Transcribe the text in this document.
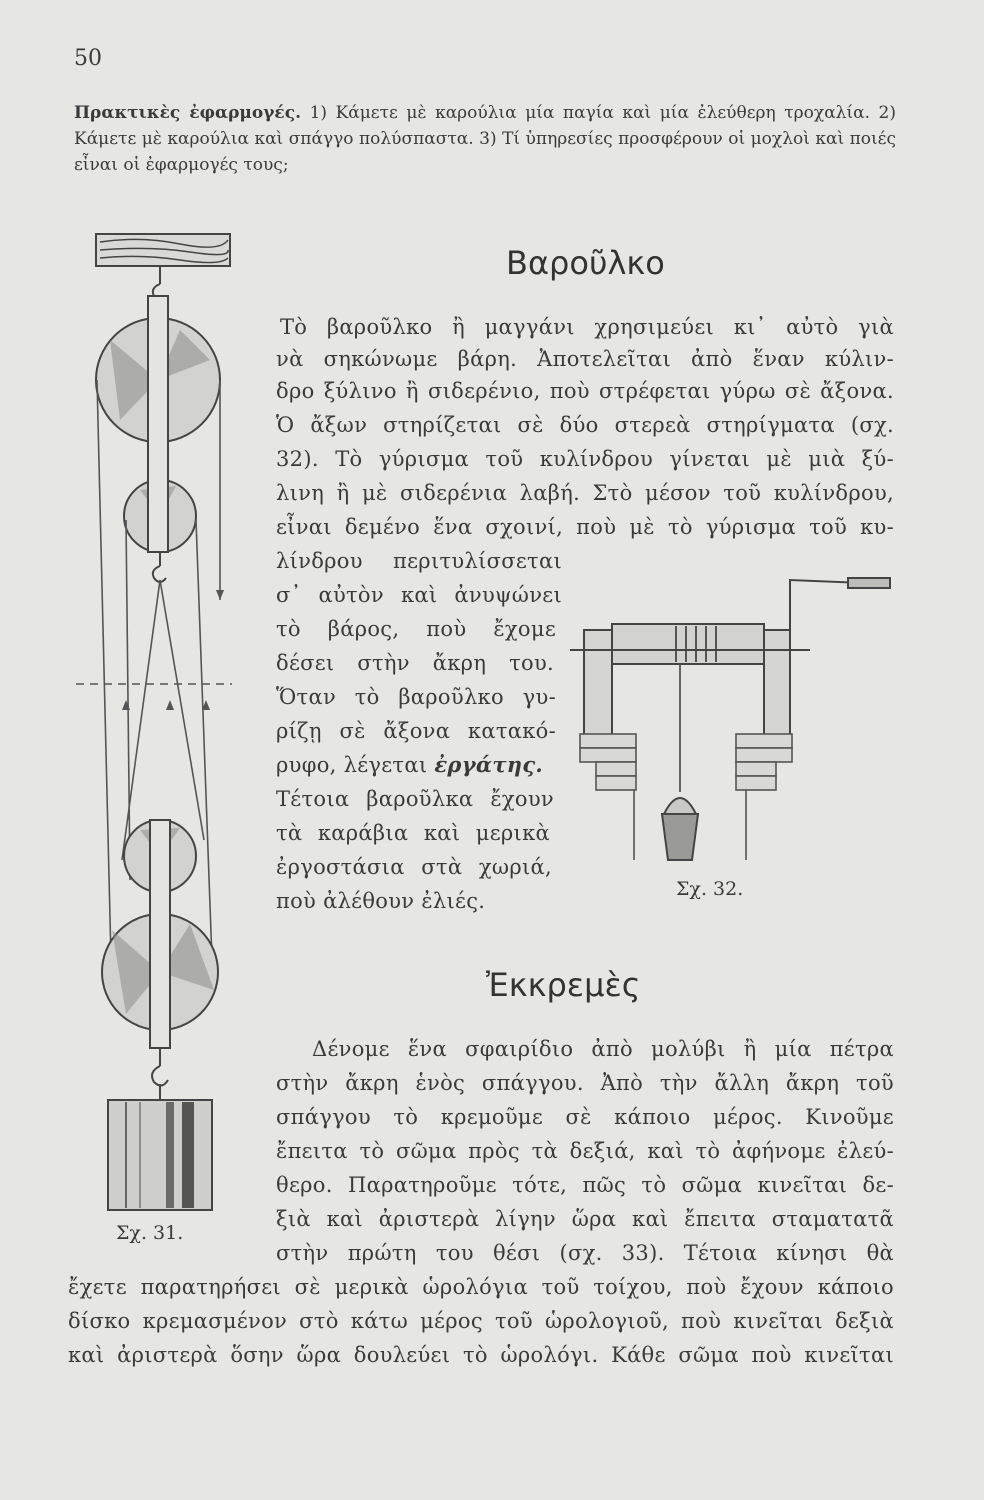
50
Πρακτικὲς ἐφαρμογές. 1) Κάμετε μὲ καρούλια μία παγία καὶ μία ἐλεύθερη τροχαλία. 2) Κάμετε μὲ καρούλια καὶ σπάγγο πολύσπαστα. 3) Τί ὑπηρεσίες προσφέρουν οἱ μοχλοὶ καὶ ποιές εἶναι οἱ ἐφαρμογές τους;
Βαροῦλκο
Τὸ βαροῦλκο ἢ μαγγάνι χρησιμεύει κι᾽ αὐτὸ γιὰ
νὰ σηκώνωμε βάρη. Ἀποτελεῖται ἀπὸ ἕναν κύλιν-
δρο ξύλινο ἢ σιδερένιο, ποὺ στρέφεται γύρω σὲ ἄξονα.
Ὁ ἄξων στηρίζεται σὲ δύο στερεὰ στηρίγματα (σχ.
32). Τὸ γύρισμα τοῦ κυλίνδρου γίνεται μὲ μιὰ ξύ-
λινη ἢ μὲ σιδερένια λαβή. Στὸ μέσον τοῦ κυλίνδρου,
εἶναι δεμένο ἕνα σχοινί, ποὺ μὲ τὸ γύρισμα τοῦ κυ-
λίνδρου περιτυλίσσεται
σ᾽ αὐτὸν καὶ ἀνυψώνει
τὸ βάρος, ποὺ ἔχομε
δέσει στὴν ἄκρη του.
Ὅταν τὸ βαροῦλκο γυ-
ρίζῃ σὲ ἄξονα κατακό-
ρυφο, λέγεται ἐργάτης.
Τέτοια βαροῦλκα ἔχουν
τὰ καράβια καὶ μερικὰ
ἐργοστάσια στὰ χωριά,
ποὺ ἀλέθουν ἐλιές.
Ἐκκρεμὲς
Δένομε ἕνα σφαιρίδιο ἀπὸ μολύβι ἢ μία πέτρα
στὴν ἄκρη ἑνὸς σπάγγου. Ἀπὸ τὴν ἄλλη ἄκρη τοῦ
σπάγγου τὸ κρεμοῦμε σὲ κάποιο μέρος. Κινοῦμε
ἔπειτα τὸ σῶμα πρὸς τὰ δεξιά, καὶ τὸ ἀφήνομε ἐλεύ-
θερο. Παρατηροῦμε τότε, πῶς τὸ σῶμα κινεῖται δε-
ξιὰ καὶ ἀριστερὰ λίγην ὥρα καὶ ἔπειτα σταματατᾶ
στὴν πρώτη του θέσι (σχ. 33). Τέτοια κίνησι θὰ
ἔχετε παρατηρήσει σὲ μερικὰ ὡρολόγια τοῦ τοίχου, ποὺ ἔχουν κάποιο
δίσκο κρεμασμένον στὸ κάτω μέρος τοῦ ὡρολογιοῦ, ποὺ κινεῖται δεξιὰ
καὶ ἀριστερὰ ὅσην ὥρα δουλεύει τὸ ὡρολόγι. Κάθε σῶμα ποὺ κινεῖται
Σχ. 31.
Σχ. 32.
